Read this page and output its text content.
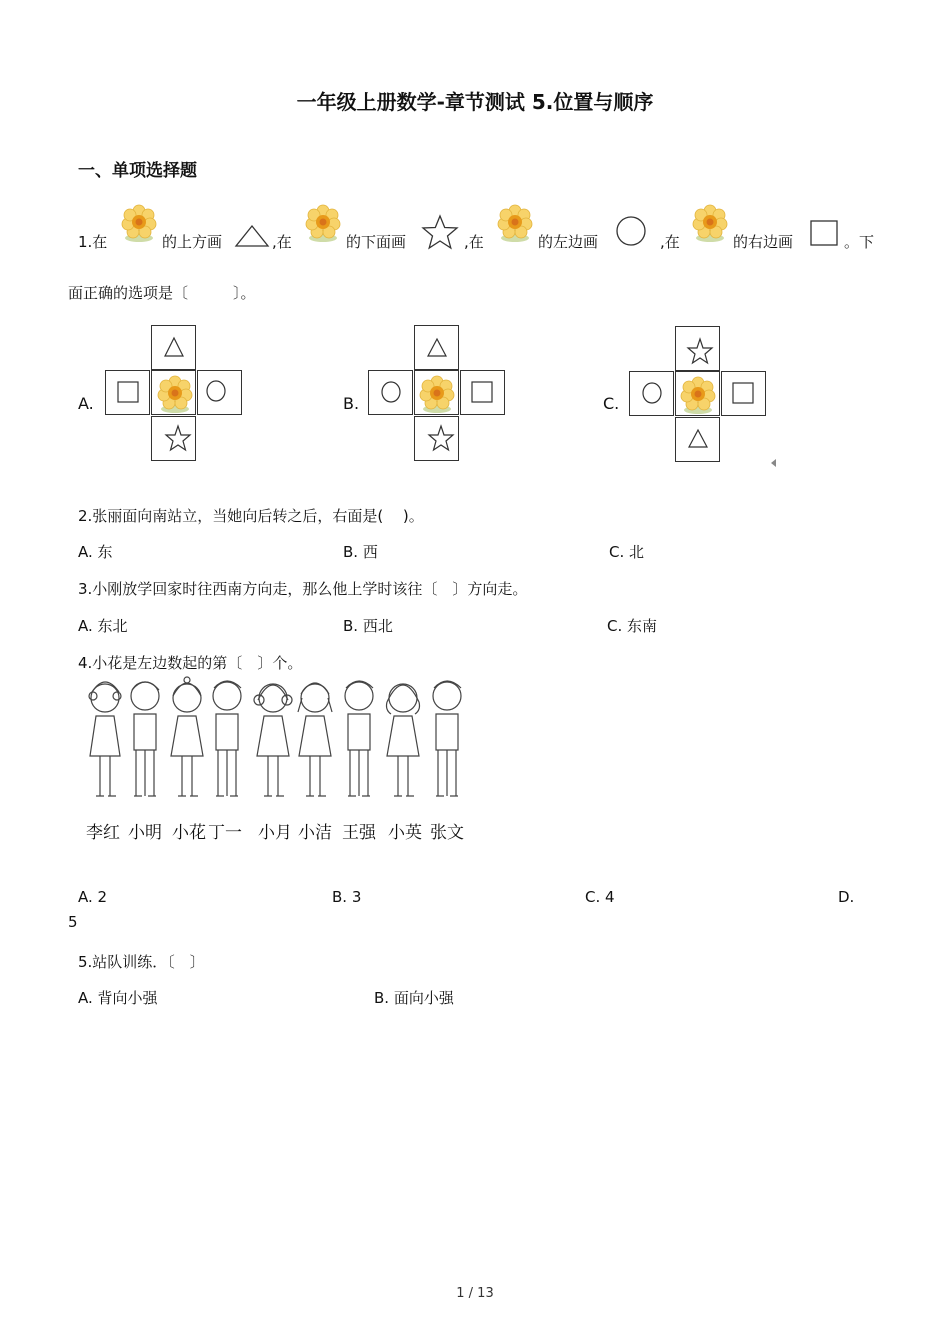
一年级上册数学-章节测试 5.位置与顺序
一、单项选择题
1.在	的上方画	,在	的下面画	,在	的左边画	,在	的右边画	。下
面正确的选项是〔　　　〕。
A.	B.	C.
2.张丽面向南站立，当她向后转之后，右面是(　 )。
A. 东	B. 西	C. 北
3.小刚放学回家时往西南方向走，那么他上学时该往〔　〕方向走。
A. 东北	B. 西北	C. 东南
4.小花是左边数起的第〔　〕个。
李红 小明 小花 丁一 小月 小洁 王强 小英 张文
A. 2	B. 3	C. 4	D.
5
5.站队训练．〔　〕
A. 背向小强	B. 面向小强
1 / 13
